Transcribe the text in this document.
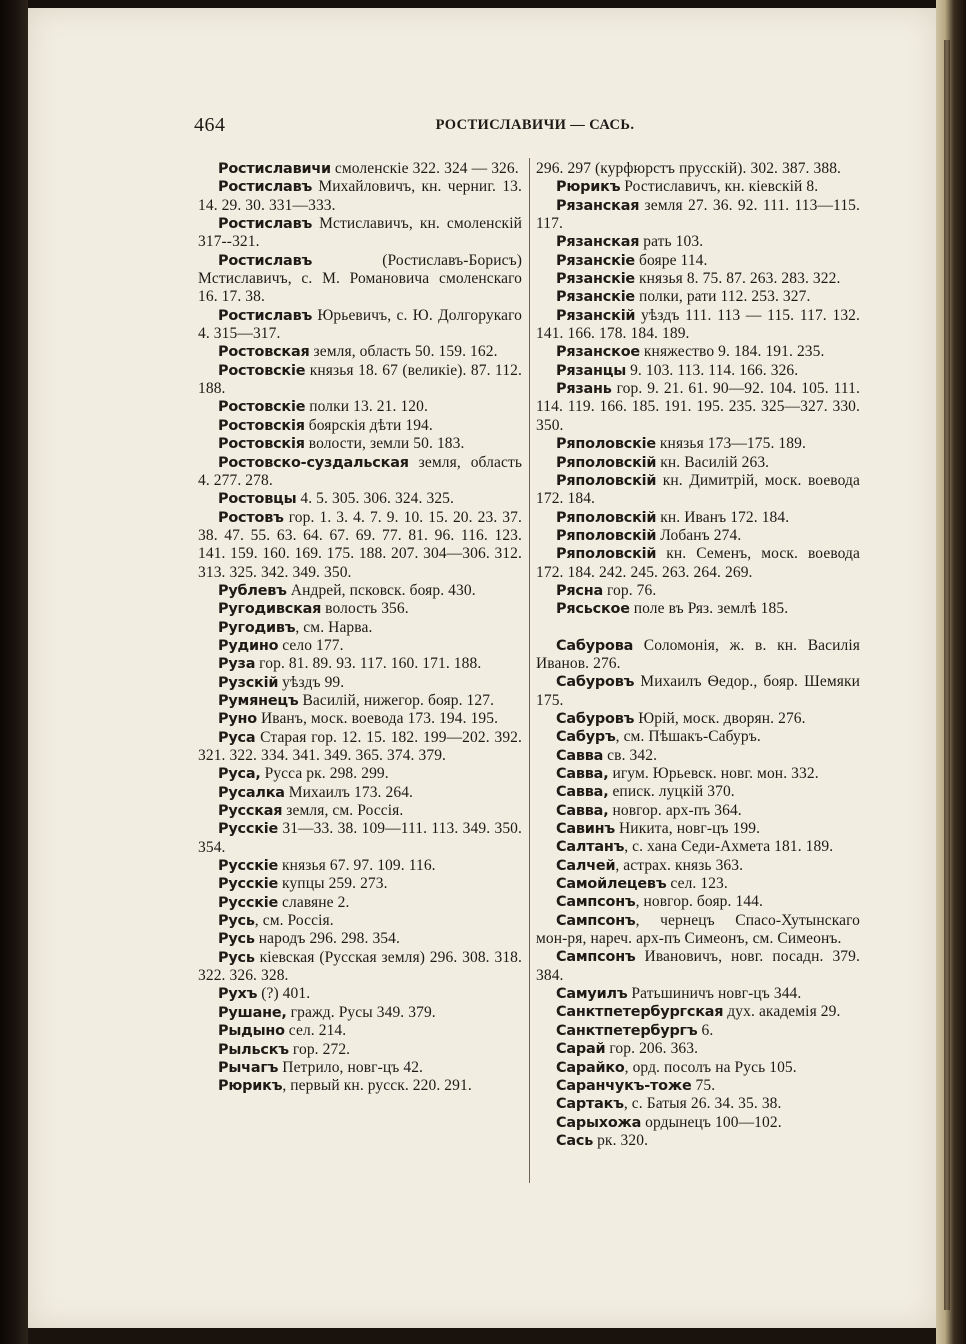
464	РОСТИСЛАВИЧИ — САСЬ.

Ростиславичи смоленскіе 322. 324 — 326.

Ростиславъ Михайловичъ, кн. черниг. 13. 14. 29. 30. 331—333.

Ростиславъ Мстиславичъ, кн. смоленскій 317--321.

Ростиславъ (Ростиславъ-Борисъ) Мстиславичъ, с. М. Романовича смоленскаго 16. 17. 38.

Ростиславъ Юрьевичъ, с. Ю. Долгорукаго 4. 315—317.

Ростовская земля, область 50. 159. 162.

Ростовскіе князья 18. 67 (великіе). 87. 112. 188.

Ростовскіе полки 13. 21. 120.

Ростовскія боярскія дѣти 194.

Ростовскія волости, земли 50. 183.

Ростовско-суздальская земля, область 4. 277. 278.

Ростовцы 4. 5. 305. 306. 324. 325.

Ростовъ гор. 1. 3. 4. 7. 9. 10. 15. 20. 23. 37. 38. 47. 55. 63. 64. 67. 69. 77. 81. 96. 116. 123. 141. 159. 160. 169. 175. 188. 207. 304—306. 312. 313. 325. 342. 349. 350.

Рублевъ Андрей, псковск. бояр. 430.

Ругодивская волость 356.

Ругодивъ, см. Нарва.

Рудино село 177.

Руза гор. 81. 89. 93. 117. 160. 171. 188.

Рузскій уѣздъ 99.

Румянецъ Василій, нижегор. бояр. 127.

Руно Иванъ, моск. воевода 173. 194. 195.

Руса Старая гор. 12. 15. 182. 199—202. 392. 321. 322. 334. 341. 349. 365. 374. 379.

Руса, Русса рк. 298. 299.

Русалка Михаилъ 173. 264.

Русская земля, см. Россія.

Русскіе 31—33. 38. 109—111. 113. 349. 350. 354.

Русскіе князья 67. 97. 109. 116.

Русскіе купцы 259. 273.

Русскіе славяне 2.

Русь, см. Россія.

Русь народъ 296. 298. 354.

Русь кіевская (Русская земля) 296. 308. 318. 322. 326. 328.

Рухъ (?) 401.

Рушане, гражд. Русы 349. 379.

Рыдыно сел. 214.

Рыльскъ гор. 272.

Рычагъ Петрило, новг-цъ 42.

Рюрикъ, первый кн. русск. 220. 291.

296. 297 (курфюрстъ прусскій). 302. 387. 388.

Рюрикъ Ростиславичъ, кн. кіевскій 8.

Рязанская земля 27. 36. 92. 111. 113—115. 117.

Рязанская рать 103.

Рязанскіе бояре 114.

Рязанскіе князья 8. 75. 87. 263. 283. 322.

Рязанскіе полки, рати 112. 253. 327.

Рязанскій уѣздъ 111. 113 — 115. 117. 132. 141. 166. 178. 184. 189.

Рязанское княжество 9. 184. 191. 235.

Рязанцы 9. 103. 113. 114. 166. 326.

Рязань гор. 9. 21. 61. 90—92. 104. 105. 111. 114. 119. 166. 185. 191. 195. 235. 325—327. 330. 350.

Ряполовскіе князья 173—175. 189.

Ряполовскій кн. Василій 263.

Ряполовскій кн. Димитрій, моск. воевода 172. 184.

Ряполовскій кн. Иванъ 172. 184.

Ряполовскій Лобанъ 274.

Ряполовскій кн. Семенъ, моск. воевода 172. 184. 242. 245. 263. 264. 269.

Рясна гор. 76.

Рясьское поле въ Ряз. землѣ 185.

Сабурова Соломонія, ж. в. кн. Василія Иванов. 276.

Сабуровъ Михаилъ Ѳедор., бояр. Шемяки 175.

Сабуровъ Юрій, моск. дворян. 276.

Сабуръ, см. Пѣшакъ-Сабуръ.

Савва св. 342.

Савва, игум. Юрьевск. новг. мон. 332.

Савва, еписк. луцкій 370.

Савва, новгор. арх-пъ 364.

Савинъ Никита, новг-цъ 199.

Салтанъ, с. хана Седи-Ахмета 181. 189.

Салчей, астрах. князь 363.

Самойлецевъ сел. 123.

Сампсонъ, новгор. бояр. 144.

Сампсонъ, чернецъ Спасо-Хутынскаго мон-ря, нареч. арх-пъ Симеонъ, см. Симеонъ.

Сампсонъ Ивановичъ, новг. посадн. 379. 384.

Самуилъ Ратьшиничъ новг-цъ 344.

Санктпетербургская дух. академія 29.

Санктпетербургъ 6.

Сарай гор. 206. 363.

Сарайко, орд. посолъ на Русь 105.

Саранчукъ-тоже 75.

Сартакъ, с. Батыя 26. 34. 35. 38.

Сарыхожа ордынецъ 100—102.

Сась рк. 320.
